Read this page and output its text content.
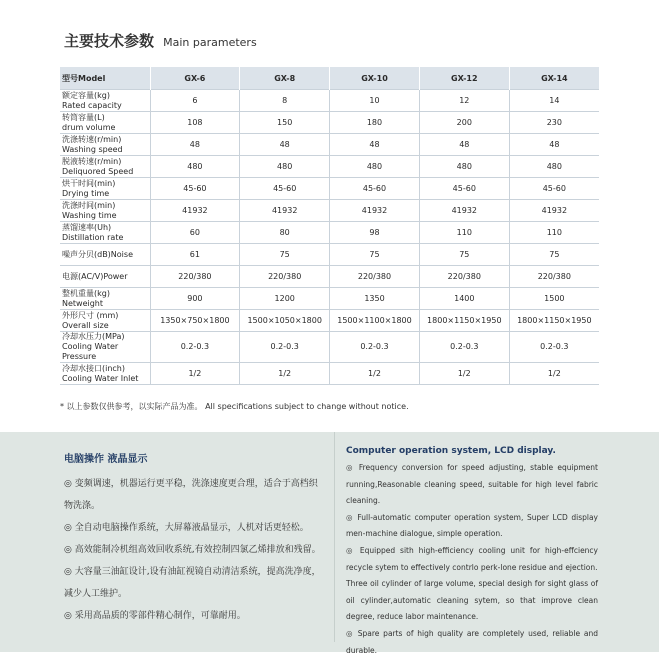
主要技术参数 Main parameters
型号Model	GX-6	GX-8	GX-10	GX-12	GX-14

额定容量(kg)
Rated capacity	6	8	10	12	14

转筒容量(L)
drum volume	108	150	180	200	230

洗涤转速(r/min)
Washing speed	48	48	48	48	48

脱液转速(r/min)
Deliquored Speed	480	480	480	480	480

烘干时间(min)
Drying time	45-60	45-60	45-60	45-60	45-60

洗涤时间(min)
Washing time	41932	41932	41932	41932	41932

蒸馏速率(Uh)
Distillation rate	60	80	98	110	110

噪声分贝(dB)Noise	61	75	75	75	75

电源(AC/V)Power	220/380	220/380	220/380	220/380	220/380

整机重量(kg)
Netweight	900	1200	1350	1400	1500

外形尺寸 (mm)
Overall size	1350×750×1800	1500×1050×1800	1500×1100×1800	1800×1150×1950	1800×1150×1950

冷却水压力(MPa)
Cooling Water Pressure	0.2-0.3	0.2-0.3	0.2-0.3	0.2-0.3	0.2-0.3

冷却水接口(inch)
Cooling Water Inlet	1/2	1/2	1/2	1/2	1/2
* 以上参数仅供参考，以实际产品为准。 All specifications subject to change without notice.
电脑操作 液晶显示
◎ 变频调速，机器运行更平稳，洗涤速度更合理，适合于高档织物洗涤。
◎ 全自动电脑操作系统，大屏幕液晶显示，人机对话更轻松。
◎ 高效能制冷机组高效回收系统,有效控制四氯乙烯排放和残留。
◎ 大容量三油缸设计,设有油缸视镜自动清洁系统，提高洗净度，减少人工维护。
◎ 采用高品质的零部件精心制作，可靠耐用。
Computer operation system, LCD display.
◎ Frequency conversion for speed adjusting, stable equipment running,Reasonable cleaning speed, suitable for high level fabric cleaning.
◎ Full-automatic computer operation system, Super LCD display men-machine dialogue, simple operation.
◎ Equipped sith high-efficiency cooling unit for high-effciency recycle sytem to effectively contrlo perk-lone residue and ejection.
Three oil cylinder of large volume, special desigh for sight glass of oil cylinder,automatic cleaning sytem, so that improve clean degree, reduce labor maintenance.
◎ Spare parts of high quality are completely used, reliable and durable.
